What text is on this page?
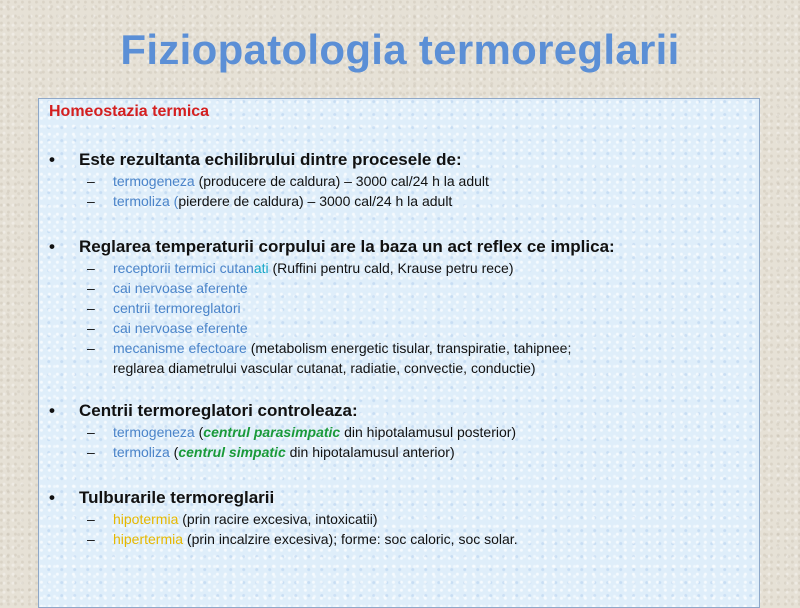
Fiziopatologia termoreglarii
Homeostazia termica
• Este rezultanta echilibrului dintre procesele de:
– termogeneza (producere de caldura) – 3000 cal/24 h la adult
– termoliza (pierdere de caldura) – 3000 cal/24 h la adult
• Reglarea temperaturii corpului are la baza un act reflex ce implica:
– receptorii termici cutanati (Ruffini pentru cald, Krause petru rece)
– cai nervoase aferente
– centrii termoreglatori
– cai nervoase eferente
– mecanisme efectoare (metabolism energetic tisular, transpiratie, tahipnee;
reglarea diametrului vascular cutanat, radiatie, convectie, conductie)
• Centrii termoreglatori controleaza:
– termogeneza (centrul parasimpatic din hipotalamusul posterior)
– termoliza (centrul simpatic din hipotalamusul anterior)
• Tulburarile termoreglarii
– hipotermia (prin racire excesiva, intoxicatii)
– hipertermia (prin incalzire excesiva); forme: soc caloric, soc solar.
